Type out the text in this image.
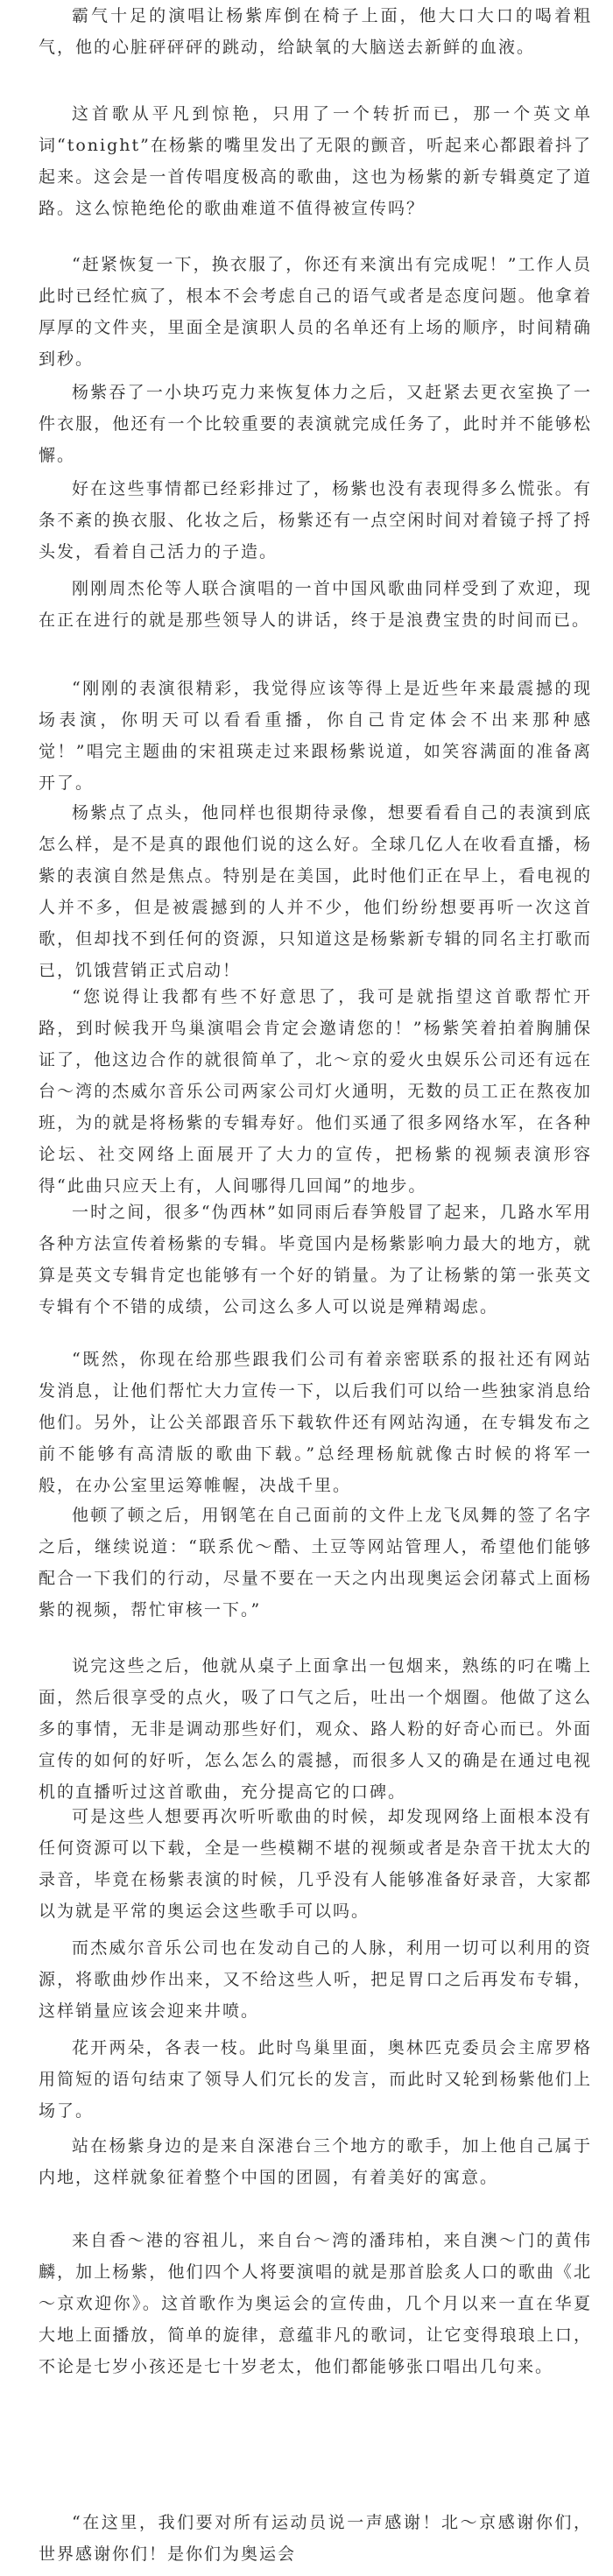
霸气十足的演唱让杨紫库倒在椅子上面，他大口大口的喝着粗气，他的心脏砰砰砰的跳动，给缺氧的大脑送去新鲜的血液。

这首歌从平凡到惊艳，只用了一个转折而已，那一个英文单词“tonight”在杨紫的嘴里发出了无限的颤音，听起来心都跟着抖了起来。这会是一首传唱度极高的歌曲，这也为杨紫的新专辑奠定了道路。这么惊艳绝伦的歌曲难道不值得被宣传吗？

“赶紧恢复一下，换衣服了，你还有来演出有完成呢！”工作人员此时已经忙疯了，根本不会考虑自己的语气或者是态度问题。他拿着厚厚的文件夹，里面全是演职人员的名单还有上场的顺序，时间精确到秒。

杨紫吞了一小块巧克力来恢复体力之后，又赶紧去更衣室换了一件衣服，他还有一个比较重要的表演就完成任务了，此时并不能够松懈。

好在这些事情都已经彩排过了，杨紫也没有表现得多么慌张。有条不紊的换衣服、化妆之后，杨紫还有一点空闲时间对着镜子捋了捋头发，看着自己活力的子造。

刚刚周杰伦等人联合演唱的一首中国风歌曲同样受到了欢迎，现在正在进行的就是那些领导人的讲话，终于是浪费宝贵的时间而已。

“刚刚的表演很精彩，我觉得应该等得上是近些年来最震撼的现场表演，你明天可以看看重播，你自己肯定体会不出来那种感觉！”唱完主题曲的宋祖瑛走过来跟杨紫说道，如笑容满面的准备离开了。

杨紫点了点头，他同样也很期待录像，想要看看自己的表演到底怎么样，是不是真的跟他们说的这么好。全球几亿人在收看直播，杨紫的表演自然是焦点。特别是在美国，此时他们正在早上，看电视的人并不多，但是被震撼到的人并不少，他们纷纷想要再听一次这首歌，但却找不到任何的资源，只知道这是杨紫新专辑的同名主打歌而已，饥饿营销正式启动！

“您说得让我都有些不好意思了，我可是就指望这首歌帮忙开路，到时候我开鸟巢演唱会肯定会邀请您的！”杨紫笑着拍着胸脯保证了，他这边合作的就很简单了，北～京的爱火虫娱乐公司还有远在台～湾的杰威尔音乐公司两家公司灯火通明，无数的员工正在熬夜加班，为的就是将杨紫的专辑寿好。他们买通了很多网络水军，在各种论坛、社交网络上面展开了大力的宣传，把杨紫的视频表演形容得“此曲只应天上有，人间哪得几回闻”的地步。

一时之间，很多“伪西林”如同雨后春笋般冒了起来，几路水军用各种方法宣传着杨紫的专辑。毕竟国内是杨紫影响力最大的地方，就算是英文专辑肯定也能够有一个好的销量。为了让杨紫的第一张英文专辑有个不错的成绩，公司这么多人可以说是殚精竭虑。

“既然，你现在给那些跟我们公司有着亲密联系的报社还有网站发消息，让他们帮忙大力宣传一下，以后我们可以给一些独家消息给他们。另外，让公关部跟音乐下载软件还有网站沟通，在专辑发布之前不能够有高清版的歌曲下载。”总经理杨航就像古时候的将军一般，在办公室里运筹帷幄，决战千里。

他顿了顿之后，用钢笔在自己面前的文件上龙飞凤舞的签了名字之后，继续说道：“联系优～酷、土豆等网站管理人，希望他们能够配合一下我们的行动，尽量不要在一天之内出现奥运会闭幕式上面杨紫的视频，帮忙审核一下。”

说完这些之后，他就从桌子上面拿出一包烟来，熟练的叼在嘴上面，然后很享受的点火，吸了口气之后，吐出一个烟圈。他做了这么多的事情，无非是调动那些好们，观众、路人粉的好奇心而已。外面宣传的如何的好听，怎么怎么的震撼，而很多人又的确是在通过电视机的直播听过这首歌曲，充分提高它的口碑。

可是这些人想要再次听听歌曲的时候，却发现网络上面根本没有任何资源可以下载，全是一些模糊不堪的视频或者是杂音干扰太大的录音，毕竟在杨紫表演的时候，几乎没有人能够准备好录音，大家都以为就是平常的奥运会这些歌手可以吗。

而杰威尔音乐公司也在发动自己的人脉，利用一切可以利用的资源，将歌曲炒作出来，又不给这些人听，把足胃口之后再发布专辑，这样销量应该会迎来井喷。

花开两朵，各表一枝。此时鸟巢里面，奥林匹克委员会主席罗格用简短的语句结束了领导人们冗长的发言，而此时又轮到杨紫他们上场了。

站在杨紫身边的是来自深港台三个地方的歌手，加上他自己属于内地，这样就象征着整个中国的团圆，有着美好的寓意。

来自香～港的容祖儿，来自台～湾的潘玮柏，来自澳～门的黄伟麟，加上杨紫，他们四个人将要演唱的就是那首脍炙人口的歌曲《北～京欢迎你》。这首歌作为奥运会的宣传曲，几个月以来一直在华夏大地上面播放，简单的旋律，意蕴非凡的歌词，让它变得琅琅上口，不论是七岁小孩还是七十岁老太，他们都能够张口唱出几句来。

“在这里，我们要对所有运动员说一声感谢！北～京感谢你们，世界感谢你们！是你们为奥运会
